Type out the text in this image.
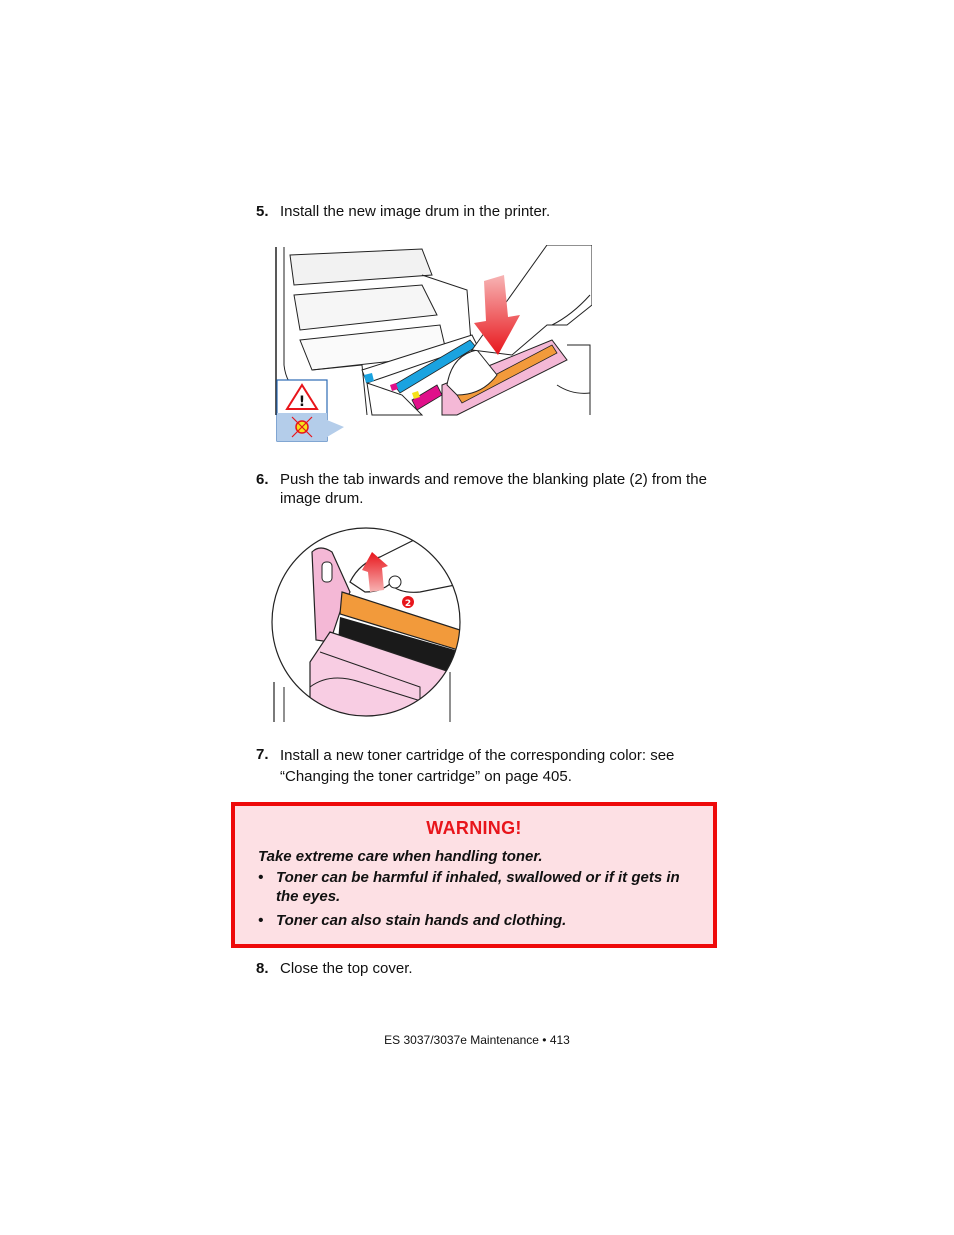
5. Install the new image drum in the printer.
!
6. Push the tab inwards and remove the blanking plate (2) from the image drum.
2
7. Install a new toner cartridge of the corresponding color: see “Changing the toner cartridge” on page 405.
WARNING!
Take extreme care when handling toner.
• Toner can be harmful if inhaled, swallowed or if it gets in the eyes.
• Toner can also stain hands and clothing.
8. Close the top cover.
ES 3037/3037e Maintenance • 413
